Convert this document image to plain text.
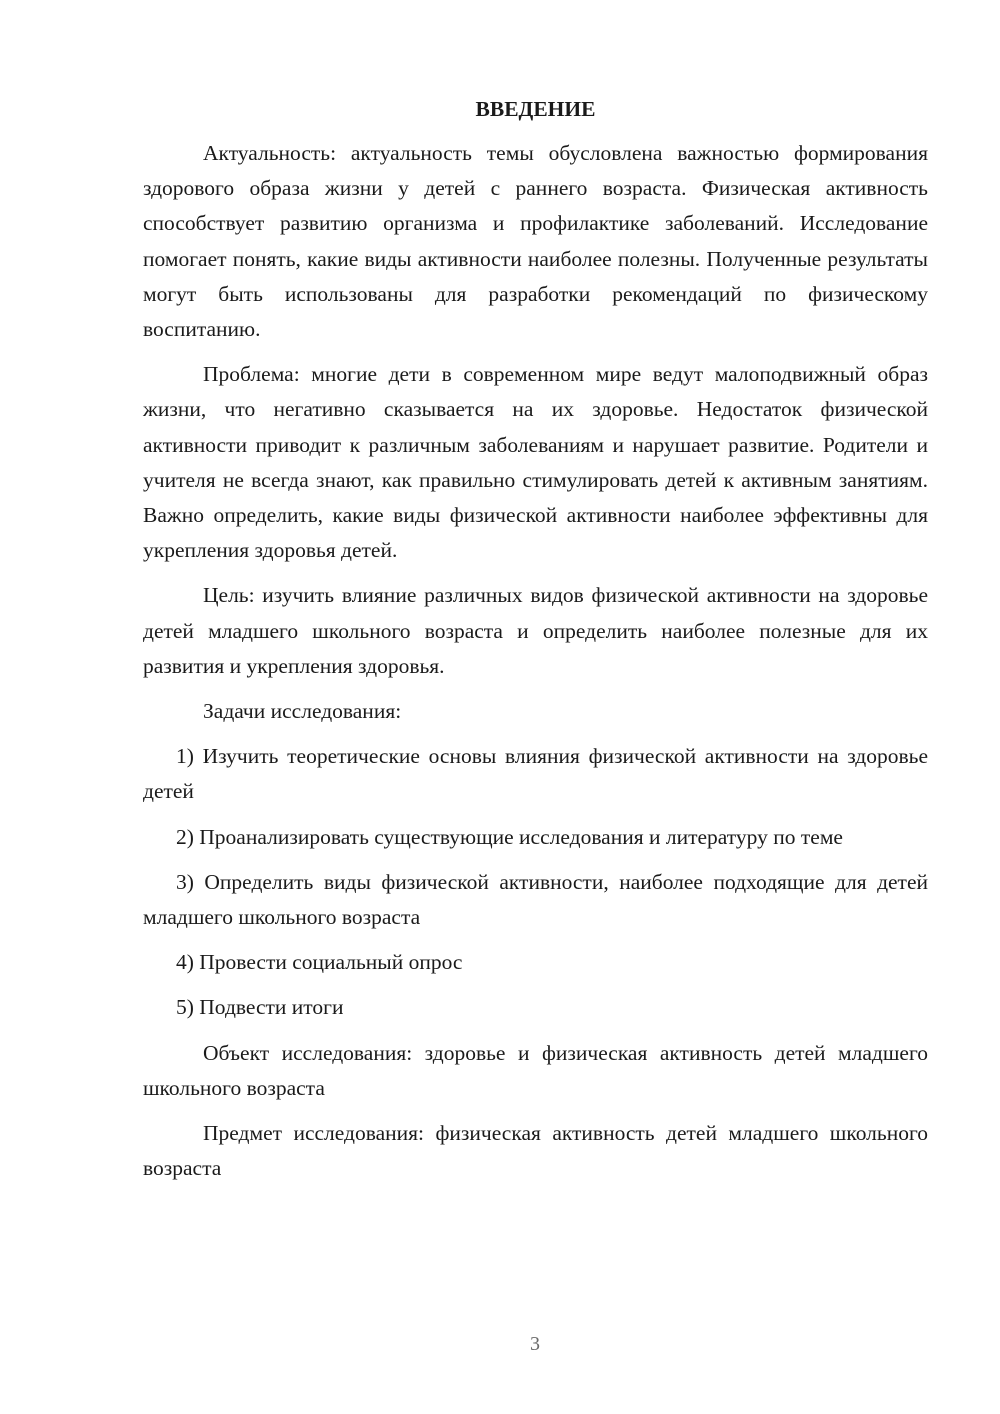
ВВЕДЕНИЕ

Актуальность: актуальность темы обусловлена важностью формирования здорового образа жизни у детей с раннего возраста. Физическая активность способствует развитию организма и профилактике заболеваний. Исследование помогает понять, какие виды активности наиболее полезны. Полученные результаты могут быть использованы для разработки рекомендаций по физическому воспитанию.

Проблема: многие дети в современном мире ведут малоподвижный образ жизни, что негативно сказывается на их здоровье. Недостаток физической активности приводит к различным заболеваниям и нарушает развитие. Родители и учителя не всегда знают, как правильно стимулировать детей к активным занятиям. Важно определить, какие виды физической активности наиболее эффективны для укрепления здоровья детей.

Цель: изучить влияние различных видов физической активности на здоровье детей младшего школьного возраста и определить наиболее полезные для их развития и укрепления здоровья.

Задачи исследования:

1) Изучить теоретические основы влияния физической активности на здоровье детей

2) Проанализировать существующие исследования и литературу по теме

3) Определить виды физической активности, наиболее подходящие для детей младшего школьного возраста

4) Провести социальный опрос

5) Подвести итоги

Объект исследования: здоровье и физическая активность детей младшего школьного возраста

Предмет исследования: физическая активность детей младшего школьного возраста

3
